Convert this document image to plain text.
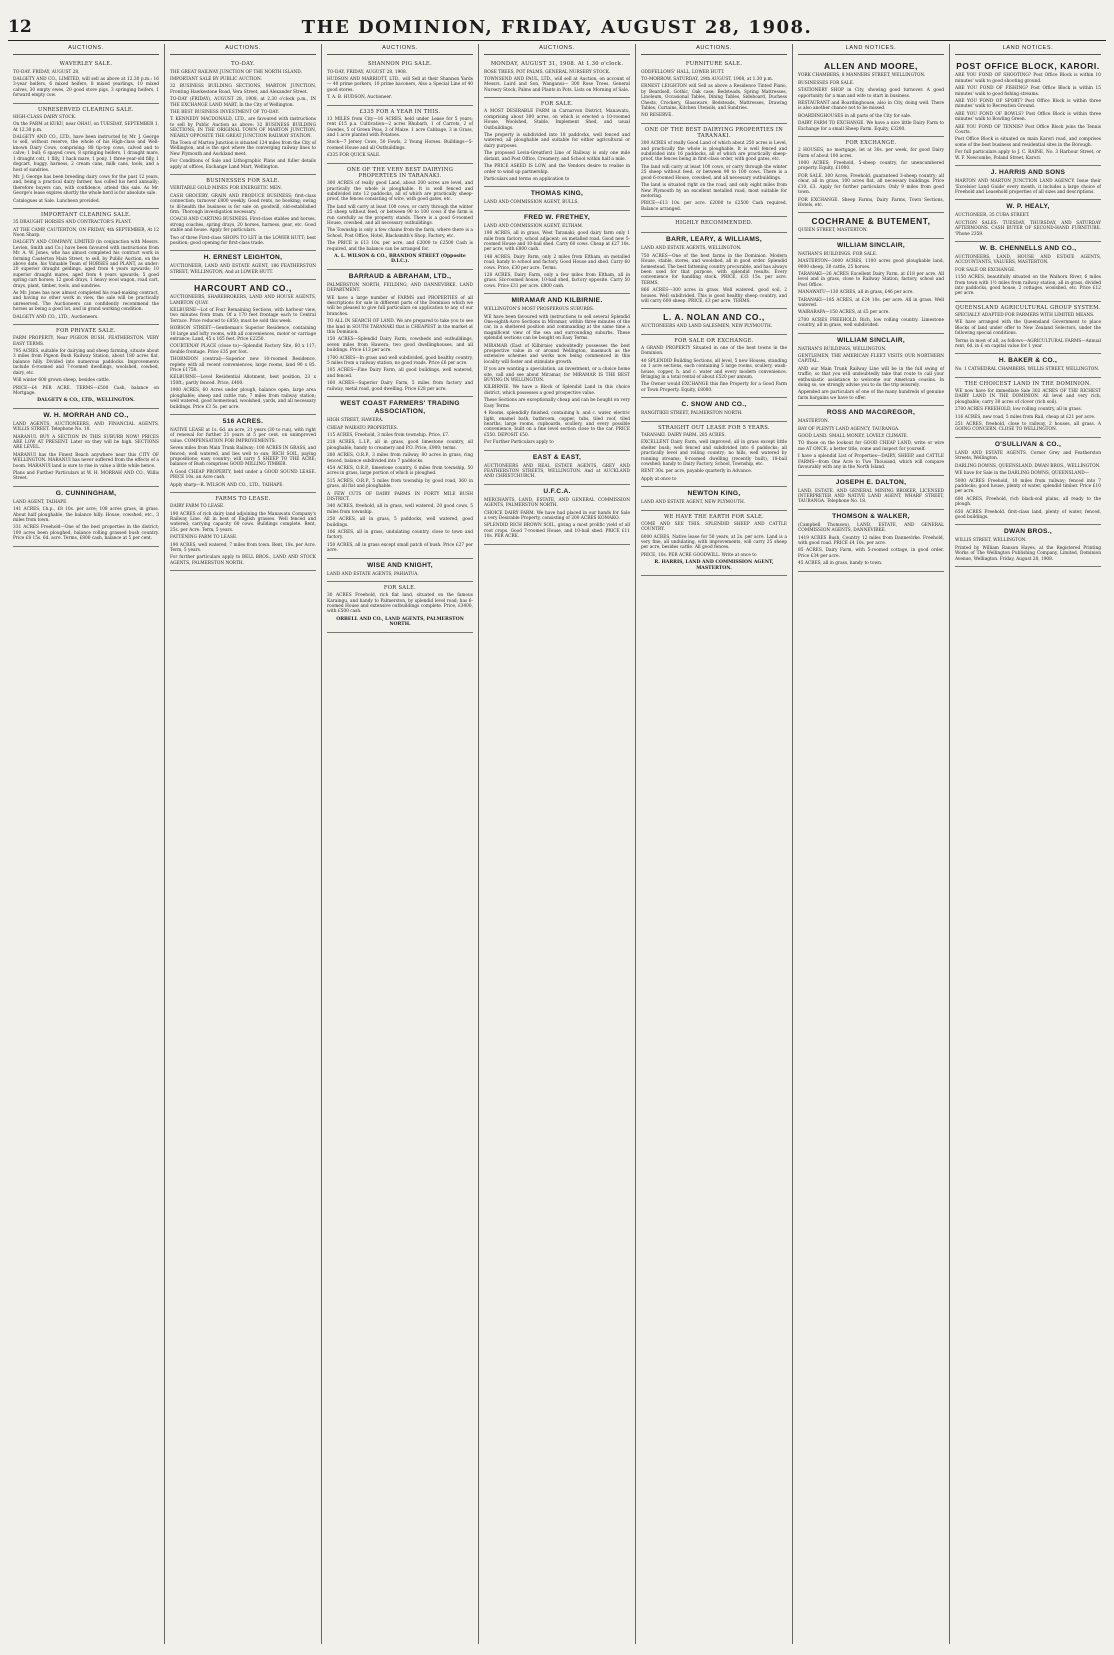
12	THE DOMINION, FRIDAY, AUGUST 28, 1908.
AUCTIONS.
WAVERLEY SALE.

TO-DAY. FRIDAY, AUGUST 28.

DALGETY AND CO., LIMITED, will sell as above at 12.30 p.m.: 16 3-year heifers, 6 mixed heifers, 8 mixed yearlings, 10 mixed calves, 30 empty ewes, 20 good store pigs, 3 springing heifers, 1 forward empty cow.

UNRESERVED CLEARING SALE.

HIGH-CLASS DAIRY STOCK.

On the FARM at KUKU, near OHAU, on TUESDAY, SEPTEMBER 1, At 12.30 p.m.

DALGETY AND CO., LTD., have been instructed by Mr. J. George to sell, without reserve, the whole of his High-class and Well-known Dairy Cows, comprising: 88 tip-top cows, calved and to calve; 1 bull; 6 spayed cows, 8 springing heifers, 1 draught mare, 1 draught colt, 1 filly, 1 hack mare, 1 pony, 1 three-year-old filly, 1 dogcart, buggy, harness, 2 cream cans, milk cans, tools, and a host of sundries.

Mr. J. George has been breeding dairy cows for the past 12 years, and, being a practical dairy farmer, has culled his herd annually; therefore buyers can, with confidence, attend this sale. As Mr. George's lease expires shortly the whole herd is for absolute sale.

Catalogues at Sale. Luncheon provided.

IMPORTANT CLEARING SALE.

35 DRAUGHT HORSES AND CONTRACTOR'S PLANT.

AT THE CAMP, CAUTERTON, ON FRIDAY, 4th SEPTEMBER, At 12 Noon Sharp.

DALGETY AND COMPANY, LIMITED (in conjunction with Messrs. Levien, Smith and Co.) have been favoured with instructions from Mr. A. W. Jones, who has almost completed his contract work in forming Cauterton Main Street, to sell, by Public Auction, on the above date, his Valuable Team of HORSES and PLANT, as under: 20 superior draught geldings, aged from 4 years upwards; 10 superior draught mares, aged from 4 years upwards; 5 good spring cart horses; 12 good drays, 1 heavy wool wagon, road cart, drays, plant, timber, tools, and sundries.

As Mr. Jones has now almost completed his road-making contract, and having no other work in view, the sale will be practically unreserved. The Auctioneers can confidently recommend the horses as being a good lot, and in grand working condition.

DALGETY AND CO., LTD., Auctioneers.

FOR PRIVATE SALE.

FARM PROPERTY, Near PIGEON BUSH, FEATHERSTON. VERY EASY TERMS.

795 ACRES, suitable for dairying and sheep farming, situate about 3 miles from Pigeon Bush Railway Station, about 180 acres flat, balance hilly. Divided into numerous paddocks. Improvements include 6-roomed and 7-roomed dwellings, woolshed, cowbed, dairy, etc.

Will winter 600 grown sheep, besides cattle.

PRICE—£4 PER ACRE. TERMS—£500 Cash, balance on Mortgage.

DALGETY & CO., LTD., WELLINGTON.
W. H. MORRAH AND CO.,

LAND AGENTS, AUCTIONEERS, AND FINANCIAL AGENTS, WILLIS STREET. Telephone No. 10.

MARANUI. BUY A SECTION IN THIS SUBURB NOW! PRICES ARE LOW AT PRESENT. Later on they will be high. SECTIONS ARE LEVEL.

MARANUI has the Finest Beach anywhere near this CITY OF WELLINGTON. MARANUI has never suffered from the effects of a boom. MARANUI land is sure to rise in value a little while hence.

Plans and Further Particulars at W. H. MORRAH AND CO., Willis Street.

G. CUNNINGHAM,

LAND AGENT, TAIHAPE.

141 ACRES, f.h.p., £8 10s. per acre; 108 acres grass, in grass. About half ploughable, the balance hilly. House, cowshed, etc., 3 miles from town.

331 ACRES Freehold—One of the best properties in the district; 100 acres been ploughed, balance rolling grassed bush country. Price £8 15s. 6d. acre. Terms, £800 cash, balance at 5 per cent.

AUCTIONS.
TO-DAY.

THE GREAT RAILWAY JUNCTION OF THE NORTH ISLAND.

IMPORTANT SALE BY PUBLIC AUCTION.

32 BUSINESS BUILDING SECTIONS, MARTON JUNCTION, Fronting Hawkestone Road, Vera Street, and Alexander Street.

TO-DAY (FRIDAY), AUGUST 28, 1908, at 2.30 o'clock p.m., IN THE EXCHANGE LAND MART, In the City of Wellington.

THE BEST BUSINESS INVESTMENT OF TO-DAY.

T. KENNEDY MACDONALD, LTD., are favoured with instructions to sell by Public Auction as above: 32 BUSINESS BUILDING SECTIONS, IN THE ORIGINAL TOWN OF MARTON JUNCTION, NEARLY OPPOSITE THE GREAT JUNCTION RAILWAY STATION.

The Town of Marton Junction is situated 124 miles from the City of Wellington, and is the spot where the converging railway lines to New Plymouth and Auckland meet.

For Conditions of Sale and Lithographic Plans and fuller details apply at offices, Exchange Land Mart, Wellington.

BUSINESSES FOR SALE.

VERITABLE GOLD MINES FOR ENERGETIC MEN.

CASH GROCERY, GRAIN AND PRODUCE BUSINESS; first-class connection; turnover £800 weekly. Good rents, no booking; owing to ill-health the business is for sale on goodwill, old-established firm. Thorough investigation necessary.

COACH AND CARTING BUSINESS. First-class stables and horses, strong coaches, spring drays, 20 horses, harness, gear, etc. Good stable and house. Apply for particulars.

Two of three First-class SHOPS TO LET in the LOWER HUTT; best position; good opening for first-class trade.

H. ERNEST LEIGHTON,

AUCTIONEER, LAND AND ESTATE AGENT, 186 FEATHERSTON STREET, WELLINGTON, And at LOWER HUTT.

HARCOURT AND CO.,

AUCTIONEERS, SHAREBROKERS, LAND AND HOUSE AGENTS, LAMBTON QUAY.

KELBURNE—Lot of Four Remaining Sections, with harbour view, two minutes from tram. Of a 170 feet frontage each to Central Terrace. Price reduced to £850; must be sold this week.

HOBSON STREET—Gentleman's Superior Residence, containing 10 large and lofty rooms, with all conveniences, motor or carriage entrance; Land, 45 x 165 feet. Price £2250.

COURTENAY PLACE (close to)—Splendid Factory Site, 60 x 117; double frontage. Price £35 per foot.

THORNDON (central)—Superior new 10-roomed Residence, replete with all recent conveniences; large rooms, land 90 x 85. Price £1750.

KELBURNE—Level Residential Allotment, best position, 23 x 150ft.; partly fenced. Price, £400.

1900 ACRES, 60 Acres under plough, balance open, large area ploughable; sheep and cattle run; 7 miles from railway station; well watered, good homestead, woolshed, yards, and all necessary buildings. Price £3 5s. per acre.

516 ACRES.

NATIVE LEASE at 1s. 6d. an acre, 21 years (30 to run), with right of renewal for further 21 years at 5 per cent. on unimproved value. COMPENSATION FOR IMPROVEMENTS.

Seven miles from Main Trunk Railway; 100 ACRES IN GRASS, and fenced; well watered, and lies well to sun; RICH SOIL, paying propositions; easy country; will carry 5 SHEEP TO THE ACRE; balance of Bush comprises GOOD MILLING TIMBER.

A Good CHEAP PROPERTY, held under a GOOD SOUND LEASE. PRICE 10s. an Acre cash.

Apply sharp—R. WILSON AND CO., LTD., TAIHAPE.

FARMS TO LEASE.

DAIRY FARM TO LEASE.

190 ACRES of rich dairy land adjoining the Manawatu Company's Railway Line. All in best of English grasses. Well fenced and watered; carrying capacity 60 cows. Buildings complete. Rent, 25s. per Acre. Term, 5 years.

FATTENING FARM TO LEASE.

190 ACRES, well watered, 7 miles from town. Rent, 18s. per Acre. Term, 5 years.

For further particulars apply to BELL BROS., LAND AND STOCK AGENTS, PALMERSTON NORTH.

AUCTIONS.
SHANNON PIG SALE.

TO-DAY, FRIDAY, AUGUST 28, 1908.

HUDSON AND MARRIOTT, LTD., will Sell at their Shannon Yards— 40 prime porkers, 10 prime baconers, Also a Special Line of 40 good stores.

T. A. B. HUDSON, Auctioneer.

£335 FOR A YEAR IN THIS.

13 MILES from City—16 ACRES, held under Lease for 5 years; rent £15 p.a. Cultivation—2 acres Rhubarb, 1 of Carrots, 2 of Swedes, 5 of Green Peas, 3 of Maize. 1 acre Cabbage, 3 in Grass, and 1 acre planted with Potatoes.

Stock—7 Jersey Cows, 50 Fowls, 2 Young Horses. Buildings—5-roomed House and all Outbuildings.

£335 FOR QUICK SALE.

ONE OF THE VERY BEST DAIRYING PROPERTIES IN TARANAKI.

300 ACRES of really good Land, about 200 acres are level, and practically the whole is ploughable. It is well fenced and subdivided into 12 paddocks, all of which are practically sheep-proof, the fences consisting of wire, with good gates, etc.

The land will carry at least 100 cows, or carry through the winter 25 sheep without feed, or between 90 to 100 cows if the farm is run carefully as the property stands. There is a good 6-roomed House, cowshed, and all necessary outbuildings.

The Township is only a few chains from the farm, where there is a School, Post Office, Hotel, Blacksmith's Shop, Factory, etc.

The PRICE is £13 10s. per acre, and £2000 to £2500 Cash is required, and the balance can be arranged for.

A. L. WILSON & CO., BRANDON STREET (Opposite D.I.C.).
BARRAUD & ABRAHAM, LTD.,

PALMERSTON NORTH, FEILDING, AND DANNEVIRKE. LAND DEPARTMENT.

WE have a large number of FARMS and PROPERTIES of all descriptions for sale in different parts of the Dominion which we will be pleased to give full particulars on application to any of our branches.

TO ALL IN SEARCH OF LAND. We are prepared to take you to see the land in SOUTH TARANAKI that is CHEAPEST in the market at this Dominion.

150 ACRES—Splendid Dairy Farm, cowsheds and outbuildings, seven miles from Hawera; two good dwellinghouses, and all buildings. Price £13 per acre.

1700 ACRES—In grass and well subdivided, good healthy country, 5 miles from a railway station, no good roads. Price £6 per acre.

105 ACRES—Fine Dairy Farm, all good buildings, well watered, and fenced.

160 ACRES—Superior Dairy Farm, 5 miles from factory and railway, metal road, good dwelling. Price £28 per acre.

WEST COAST FARMERS' TRADING ASSOCIATION,

HIGH STREET, HAWERA.

CHEAP WAIKATO PROPERTIES.

115 ACRES, Freehold, 3 miles from township. Price, £7.

218 ACRES, L.I.P., all in grass, good limestone country, all ploughable, handy to creamery and P.O. Price, £900; terms.

280 ACRES, O.R.P., 3 miles from railway, 80 acres in grass, ring fenced, balance subdivided into 7 paddocks.

454 ACRES, O.R.P., limestone country, 6 miles from township, 50 acres in grass, large portion of which is ploughed.

515 ACRES, O.R.P., 5 miles from township by good road, 360 in grass, all flat and ploughable.

A FEW CUTS OF DAIRY FARMS IN FORTY MILE BUSH DISTRICT.

340 ACRES, freehold, all in grass, well watered, 20 good cows, 5 miles from township.

250 ACRES, all in grass, 5 paddocks, well watered, good buildings.

106 ACRES, all in grass, undulating country, close to town and factory.

150 ACRES, all in grass except small patch of bush. Price £27 per acre.

WISE AND KNIGHT,

LAND AND ESTATE AGENTS, PAHIATUA.

FOR SALE.

30 ACRES Freehold, rich flat land, situated on the famous Karaingu, and handy to Palmerston, by splendid level road; has 6-roomed House and extensive outbuildings complete. Price, £3400, with £500 cash.

ORBELL AND CO., LAND AGENTS, PALMERSTON NORTH.
AUCTIONS.
MONDAY, AUGUST 31, 1908. At 1.30 o'clock.

ROSE TREES, POT PALMS, GENERAL NURSERY STOCK.

TOWNSEND AND PAUL, LTD., will sell at Auction, on account of Messrs. Laird and Son, Wanganui— 300 Rose Trees, General Nursery Stock, Palms and Plants in Pots. Lists on Morning of Sale.

FOR SALE.

A MOST DESIRABLE FARM in Carnarvon District, Manawatu, comprising about 300 acres, on which is erected a 10-roomed House, Woolshed, Stable, Implement Shed, and usual Outbuildings.

The property is subdivided into 18 paddocks, well fenced and watered; all ploughable and suitable for either agricultural or dairy purposes.

The proposed Levin-Greatford Line of Railway is only one mile distant, and Post Office, Creamery, and School within half a mile.

The PRICE ASKED IS LOW, and the Vendors desire to realise in order to wind up partnership.

Particulars and terms on application to

THOMAS KING,

LAND AND COMMISSION AGENT, BULLS.

FRED W. FRETHEY,

LAND AND COMMISSION AGENT, ELTHAM.

198 ACRES, all in grass, West Taranaki; good dairy farm only 1 mile from factory, school adjacent; on metalled road. Good new 5-roomed House and 10-bail shed. Carry 60 cows. Cheap at £27 10s. per acre, with £800 cash.

148 ACRES, Dairy Farm, only 2 miles from Eltham, on metalled road, handy to school and factory. Good House and shed. Carry 60 cows. Price, £30 per acre. Terms.

128 ACRES, Dairy Farm, only a few miles from Eltham, all in grass. Six-roomed house, 10-bail shed, factory opposite. Carry 50 cows. Price £31 per acre. £800 cash.

MIRAMAR AND KILBIRNIE.

WELLINGTON'S MOST PROSPEROUS SUBURBS.

WE have been favoured with instructions to sell several Splendid One-eighth-Acre Sections in Miramar, within three minutes of the car, in a sheltered position and commanding at the same time a magnificent view of the sea and surrounding suburbs. These splendid sections can be bought on Easy Terms.

MIRAMAR (East of Kilbirnie) undoubtedly possesses the best prospective value in or around Wellington, inasmuch as the extensive schemes and works now being commenced in this locality will foster and stimulate growth.

If you are wanting a speculation, an investment, or a choice home site, call and see about Miramar, for MIRAMAR IS THE BEST BUYING IN WELLINGTON.

KILBIRNIE. We have a Block of Splendid Land in this choice district, which possesses a good prospective value.

These Sections are exceptionally cheap and can be bought on very Easy Terms.

4 Rooms, splendidly finished, containing h. and c. water, electric light, enamel bath, bathroom, copper, tubs, tiled roof, tiled hearths, large rooms, cupboards, scullery, and every possible convenience, built on a fine level section close to the car. PRICE £550. DEPOSIT £50.

For Further Particulars apply to

EAST & EAST,

AUCTIONEERS AND REAL ESTATE AGENTS, GREY AND FEATHERSTON STREETS, WELLINGTON. And at AUCKLAND AND CHRISTCHURCH.

U.F.C.A.

MERCHANTS, LAND, ESTATE, AND GENERAL COMMISSION AGENTS, PALMERSTON NORTH.

CHOICE DAIRY FARM. We have had placed in our hands for Sale a very Desirable Property, consisting of 200 ACRES KOMAKO.

SPLENDID RICH BROWN SOIL, giving a most prolific yield of all root crops. Good 7-roomed House, and 10-bail shed. PRICE £11 10s. PER ACRE.

AUCTIONS.
FURNITURE SALE.

ODDFELLOWS' HALL, LOWER HUTT.

TO-MORROW, SATURDAY, 29th AUGUST, 1908, at 1.30 p.m.

ERNEST LEIGHTON will Sell as above a Residence Tinted Piano, by Beardsell, Gothic, Oak case; Bedsteads, Spring Mattresses, Linoleum, Occasional Tables, Dining Tables, Sideboard, Duchess Chests, Crockery, Glassware, Bedsteads, Mattresses, Drawing Tables, Curtains, Kitchen Utensils, and Sundries.

NO RESERVE.

ONE OF THE BEST DAIRYING PROPERTIES IN TARANAKI.

300 ACRES of really Good Land of which about 250 acres is Level, and practically the whole is ploughable. It is well fenced and subdivided into 16 paddocks, all of which are practically sheep-proof, the fences being in first-class order, with good gates, etc.

The land will carry at least 100 cows, or carry through the winter 25 sheep without feed, or between 90 to 100 cows. There is a good 6-roomed House, cowshed, and all necessary outbuildings.

The land is situated right on the road, and only eight miles from New Plymouth by an excellent metalled road, most suitable for motoring.

PRICE—£13 10s. per acre. £2000 to £2500 Cash required. Balance arranged.

HIGHLY RECOMMENDED.
BARR, LEARY, & WILLIAMS,

LAND AND ESTATE AGENTS, WELLINGTON.

750 ACRES—One of the best farms in the Dominion. Modern House, stable, stores, and woolshed, all in good order. Splendid homestead. The best fattening country procurable, and has always been used for that purpose, with splendid results. Every convenience for handling stock. PRICE, £33 15s. per acre. TERMS.

866 ACRES—300 acres in grass. Well watered, good soil, 2 houses. Well subdivided. This is good healthy sheep country, and will carry 600 sheep. PRICE, £3 per acre. TERMS.

L. A. NOLAN AND CO.,

AUCTIONEERS AND LAND SALESMEN, NEW PLYMOUTH.

FOR SALE OR EXCHANGE.

A GRAND PROPERTY Situated in one of the best towns in the Dominion.

40 SPLENDID Building Sections, all level, 5 new Houses, standing on 1 acre sections, each containing 5 large rooms, scullery, wash-house, copper, h. and c. water and every modern convenience. Bringing in a total rental of about £520 per annum.

The Owner would EXCHANGE this fine Property for a Good Farm or Town Property. Equity, £8000.

C. SNOW AND CO.,

RANGITIKEI STREET, PALMERSTON NORTH.

STRAIGHT OUT LEASE FOR 5 YEARS.

TARANAKI. DAIRY FARM. 285 ACRES.

EXCELLENT Dairy Farm, well improved, all in grass except little shelter bush; well fenced and subdivided into 6 paddocks; all practically level and rolling country; no hills, well watered by running streams; 8-roomed dwelling (recently built), 18-bail cowshed; handy to Dairy Factory, School, Township, etc.

RENT 30s. per acre, payable quarterly in Advance.

Apply at once to

NEWTON KING,

LAND AND ESTATE AGENT, NEW PLYMOUTH.

WE HAVE THE EARTH FOR SALE.

COME AND SEE THIS. SPLENDID SHEEP AND CATTLE COUNTRY.

6000 ACRES, Native lease for 50 years, at 2s. per acre. Land is a very fine, all undulating, with improvements, will carry 25 sheep per acre, besides cattle. All good fences.

PRICE, 10s. PER ACRE GOODWILL. Write at once to

R. HARRIS, LAND AND COMMISSION AGENT, MASTERTON.
LAND NOTICES.
ALLEN AND MOORE,

YORK CHAMBERS, 8 MANNERS STREET, WELLINGTON.

BUSINESSES FOR SALE.

STATIONERY SHOP in City, showing good turnover. A good opportunity for a man and wife to start in business.

RESTAURANT and Boardinghouse, also in City, doing well. There is also another chance not to be missed.

BOARDINGHOUSES in all parts of the City for sale.

DAIRY FARM TO EXCHANGE. We have a nice little Dairy Farm to Exchange for a small Sheep Farm. Equity, £3200.

FOR EXCHANGE.

2 HOUSES, no mortgage, let at 30s. per week, for good Dairy Farm of about 100 acres.

1000 ACRES, Freehold, 5-sheep country, for unencumbered property. Equity, £1000.

FOR SALE. 300 Acres, Freehold, guaranteed 3-sheep country; all clear, all in grass, 100 acres flat, all necessary buildings. Price £10, £3. Apply for further particulars. Only 9 miles from good town.

FOR EXCHANGE. Sheep Farms, Dairy Farms, Town Sections, Hotels, etc.

COCHRANE & BUTEMENT,

QUEEN STREET, MASTERTON.

WILLIAM SINCLAIR,

NATHAN'S BUILDINGS. FOR SALE.

MASTERTON—3000 ACRES, 1100 acres good ploughable land, 9000 sheep, 20 cattle, 25 horses.

TARANAKI—26 ACRES Excellent Dairy Farm, at £18 per acre. All level and in grass, close to Railway Station, factory, school and Post Office.

MANAWATU—130 ACRES, all in grass, £46 per acre.

TARANAKI—185 ACRES, at £24 10s. per acre. All in grass. Well watered.

WAIRARAPA—150 ACRES, at £5 per acre.

2700 ACRES FREEHOLD. Rich, low rolling country. Limestone country, all in grass, well subdivided.

WILLIAM SINCLAIR,

NATHAN'S BUILDINGS, WELLINGTON.

GENTLEMEN, THE AMERICAN FLEET VISITS OUR NORTHERN CAPITAL.

AND our Main Trunk Railway Line will be in the full swing of traffic; so that you will undoubtedly take that route to call your enthusiastic assistance to welcome our American cousins. In doing so, we strongly advise you to do the trip leisurely.

Appended are particulars of one of the many hundreds of genuine farm bargains we have to offer.

ROSS AND MACGREGOR,

MASTERTON.

BAY OF PLENTY LAND AGENCY, TAURANGA.

GOOD LAND. SMALL MONEY. LOVELY CLIMATE.

TO those on the lookout for GOOD CHEAP LAND, write or wire me AT ONCE; a better title, come and inspect for yourself.

I have a splendid List of Properties—DAIRY, SHEEP, and CATTLE FARMS—from One Acre to Two Thousand, which will compare favourably with any in the North Island.

JOSEPH E. DALTON,

LAND, ESTATE, AND GENERAL MINING BROKER, LICENSED INTERPRETER AND NATIVE LAND AGENT, WHARF STREET, TAURANGA. Telephone No. 18.

THOMSON & WALKER,

(Campbell Thomson), LAND, ESTATE, AND GENERAL COMMISSION AGENTS, DANNEVIRKE.

1419 ACRES Bush, Country 12 miles from Dannevirke. Freehold, with good road. PRICE £4 10s. per acre.

85 ACRES, Dairy Farm, with 5-roomed cottage, in good order. Price £34 per acre.

45 ACRES, all in grass, handy to town.

LAND NOTICES.
POST OFFICE BLOCK, KARORI.

ARE YOU FOND OF SHOOTING? Post Office Block is within 10 minutes' walk to good shooting ground.

ARE YOU FOND OF FISHING? Post Office Block is within 15 minutes' walk to good fishing streams.

ARE YOU FOND OF SPORT? Post Office Block is within three minutes' walk to Recreation Ground.

ARE YOU FOND OF BOWLS? Post Office Block is within three minutes' walk to Bowling Green.

ARE YOU FOND OF TENNIS? Post Office Block joins the Tennis Courts.

Post Office Block is situated on main Karori road, and comprises some of the best business and residential sites in the Borough.

For full particulars apply to J. C. RAINE, No. 3 Harbour Street, or W. F. Newcombe, Poland Street, Karori.

J. HARRIS AND SONS

MARTON AND MARTON JUNCTION LAND AGENCY. Issue their 'Excelsior Land Guide' every month, it includes a large choice of Freehold and Leasehold properties of all sizes and descriptions.

W. P. HEALY,

AUCTIONEER, 35 CUBA STREET.

AUCTION SALES: TUESDAY, THURSDAY, AND SATURDAY AFTERNOONS. CASH BUYER OF SECOND-HAND FURNITURE. 'Phone 2359.

W. B. CHENNELLS AND CO.,

AUCTIONEERS, LAND, HOUSE AND ESTATE AGENTS, ACCOUNTANTS, VALUERS, MASTERTON.

FOR SALE OR EXCHANGE.

1150 ACRES, beautifully situated on the Waihoru River, 6 miles from town with 1½ miles from railway station, all in grass, divided into paddocks, good house, 2 cottages, woolshed, etc. Price £12 per acre.

QUEENSLAND AGRICULTURAL GROUP SYSTEM.

SPECIALLY ADAPTED FOR FARMERS WITH LIMITED MEANS.

WE have arranged with the Queensland Government to place Blocks of land under offer to New Zealand Selectors, under the following special conditions.

Terms in most of all, as follows—AGRICULTURAL FARMS—Annual rent, 6d. in £ on capital value for 1 year.

H. BAKER & CO.,

No. 1 CATHEDRAL CHAMBERS, WILLIS STREET, WELLINGTON.

THE CHOICEST LAND IN THE DOMINION.

WE now have for immediate Sale 302 ACRES OF THE RICHEST DAIRY LAND IN THE DOMINION. All level and very rich, ploughable; carry 30 acres of clover (rich soil).

2700 ACRES FREEHOLD, low rolling country, all in grass.

116 ACRES, new road, 5 miles from Rail, cheap at £21 per acre.

251 ACRES, freehold, close to railway, 2 houses, all grass. A GOING CONCERN. CLOSE TO WELLINGTON.

O'SULLIVAN & CO.,

LAND AND ESTATE AGENTS. Corner Grey and Featherston Streets, Wellington.

DARLING DOWNS, QUEENSLAND. DWAN BROS., WELLINGTON.

WE have for Sale in the DARLING DOWNS, QUEENSLAND—

5000 ACRES Freehold, 10 miles from railway; fenced into 7 paddocks; good house, plenty of water, splendid timber. Price £10 per acre.

600 ACRES, Freehold, rich black-soil plains, all ready to the plough.

650 ACRES Freehold, first-class land, plenty of water, fenced, good buildings.

DWAN BROS.,

WILLIS STREET, WELLINGTON.

Printed by William Ranson Hayes, at the Registered Printing Works of The Wellington Publishing Company, Limited, Dominion Avenue, Wellington. Friday, August 28, 1908.
